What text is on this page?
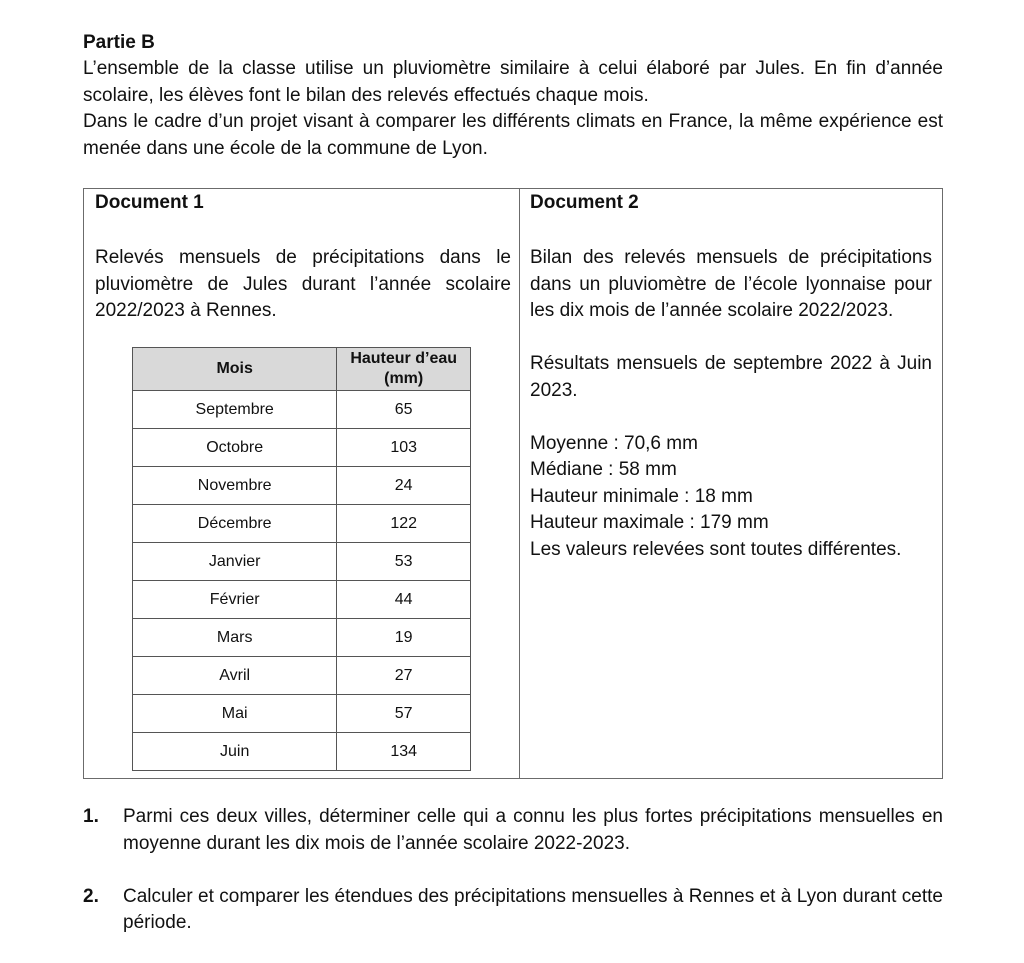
Partie B

L’ensemble de la classe utilise un pluviomètre similaire à celui élaboré par Jules. En fin d’année scolaire, les élèves font le bilan des relevés effectués chaque mois.

Dans le cadre d’un projet visant à comparer les différents climats en France, la même expérience est menée dans une école de la commune de Lyon.

Document 1

Relevés mensuels de précipitations dans le pluviomètre de Jules durant l’année scolaire 2022/2023 à Rennes.

Mois	Hauteur d’eau (mm)
Septembre	65
Octobre	103
Novembre	24
Décembre	122
Janvier	53
Février	44
Mars	19
Avril	27
Mai	57
Juin	134

Document 2

Bilan des relevés mensuels de précipitations dans un pluviomètre de l’école lyonnaise pour les dix mois de l’année scolaire 2022/2023.

Résultats mensuels de septembre 2022 à Juin 2023.

Moyenne : 70,6 mm

Médiane : 58 mm

Hauteur minimale : 18 mm

Hauteur maximale : 179 mm

Les valeurs relevées sont toutes différentes.

1.	Parmi ces deux villes, déterminer celle qui a connu les plus fortes précipitations mensuelles en moyenne durant les dix mois de l’année scolaire 2022-2023.
2.	Calculer et comparer les étendues des précipitations mensuelles à Rennes et à Lyon durant cette période.
